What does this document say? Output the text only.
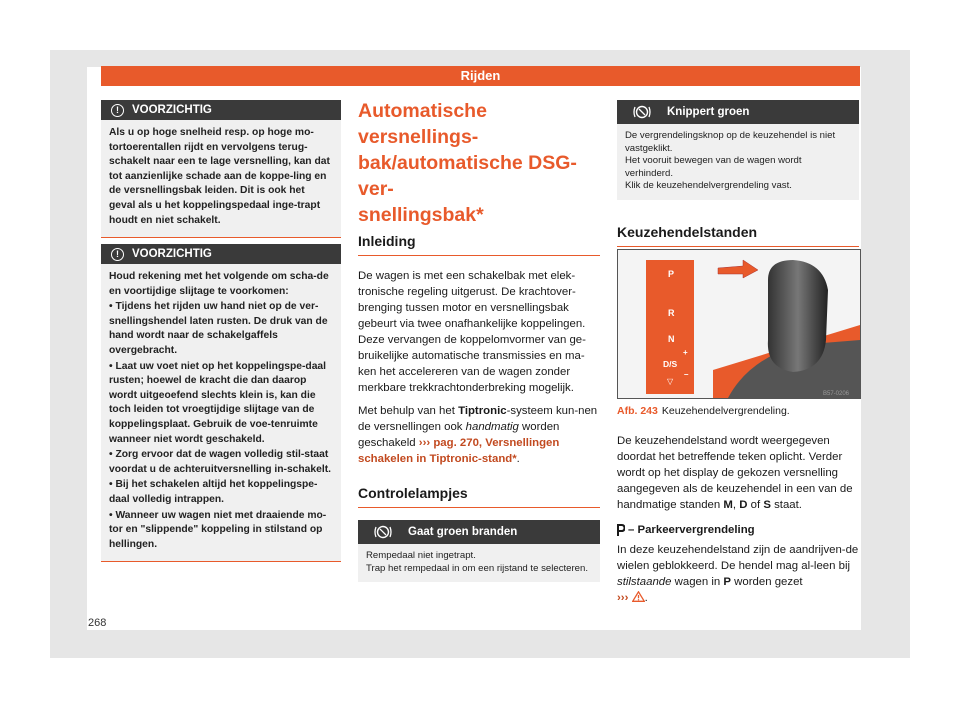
Rijden
!	VOORZICHTIG

Als u op hoge snelheid resp. op hoge mo-tortoerentallen rijdt en vervolgens terug-schakelt naar een te lage versnelling, kan dat tot aanzienlijke schade aan de koppe-ling en de versnellingsbak leiden. Dit is ook het geval als u het koppelingspedaal inge-trapt houdt en niet schakelt.

!	VOORZICHTIG

Houd rekening met het volgende om scha-de en voortijdige slijtage te voorkomen:

• Tijdens het rijden uw hand niet op de ver-snellingshendel laten rusten. De druk van de hand wordt naar de schakelgaffels overgebracht.

• Laat uw voet niet op het koppelingspe-daal rusten; hoewel de kracht die dan daarop wordt uitgeoefend slechts klein is, kan die toch leiden tot vroegtijdige slijtage van de koppelingsplaat. Gebruik de voe-tenruimte wanneer niet wordt geschakeld.

• Zorg ervoor dat de wagen volledig stil-staat voordat u de achteruitversnelling in-schakelt.

• Bij het schakelen altijd het koppelingspe-daal volledig intrappen.

• Wanneer uw wagen niet met draaiende mo-tor en "slippende" koppeling in stilstand op hellingen.

Automatische versnellings-
bak/automatische DSG-ver-
snellingsbak*
Inleiding

De wagen is met een schakelbak met elek-tronische regeling uitgerust. De krachtover-brenging tussen motor en versnellingsbak gebeurt via twee onafhankelijke koppelingen. Deze vervangen de koppelomvormer van ge-bruikelijke automatische transmissies en ma-ken het accelereren van de wagen zonder merkbare trekkrachtonderbreking mogelijk.

Met behulp van het Tiptronic-systeem kun-nen de versnellingen ook handmatig worden geschakeld ››› pag. 270, Versnellingen schakelen in Tiptronic-stand*.

Controlelampjes
Gaat groen branden

Rempedaal niet ingetrapt.

Trap het rempedaal in om een rijstand te selecteren.

Knippert groen

De vergrendelingsknop op de keuzehendel is niet vastgeklikt.

Het vooruit bewegen van de wagen wordt verhinderd.

Klik de keuzehendelvergrendeling vast.

Keuzehendelstanden
P
R
N
D/S
+
–
▽
B57-0206
Afb. 243 Keuzehendelvergrendeling.

De keuzehendelstand wordt weergegeven doordat het betreffende teken oplicht. Verder wordt op het display de gekozen versnelling aangegeven als de keuzehendel in een van de handmatige standen M, D of S staat.

– Parkeervergrendeling

In deze keuzehendelstand zijn de aandrijven-de wielen geblokkeerd. De hendel mag al-leen bij stilstaande wagen in P worden gezet
››› .

268
